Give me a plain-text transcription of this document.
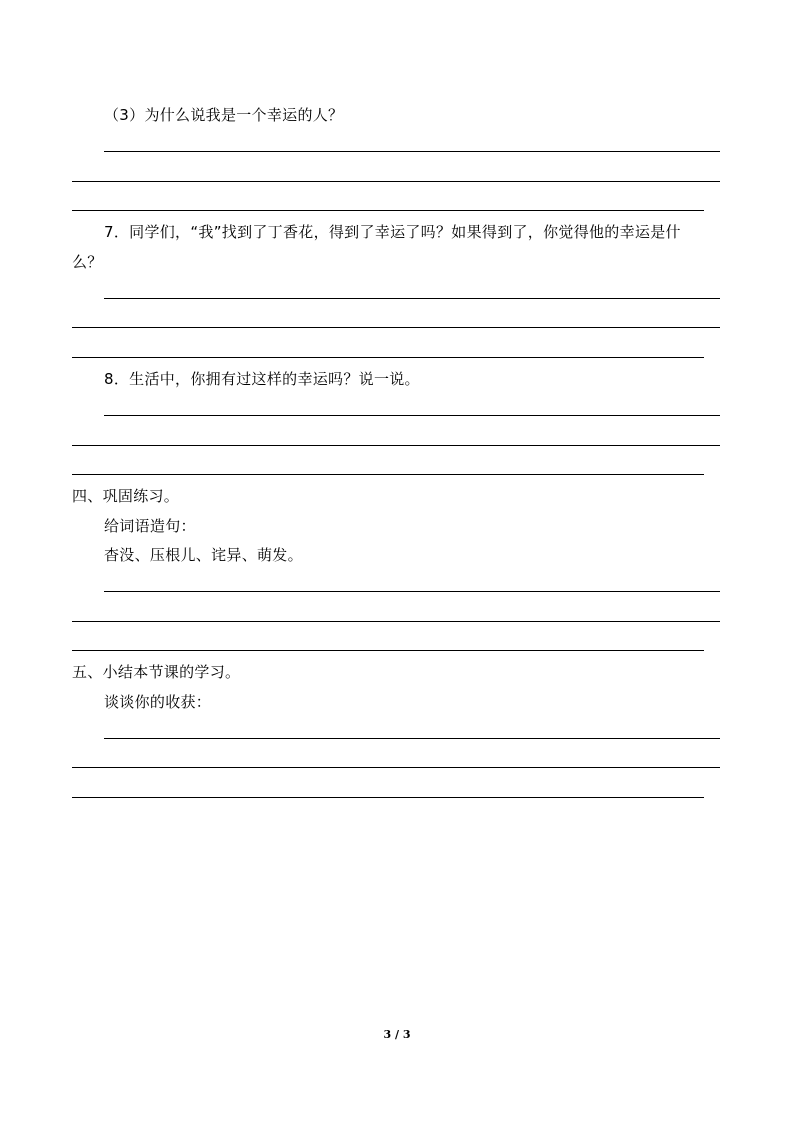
（3）为什么说我是一个幸运的人？
7．同学们，“我”找到了丁香花，得到了幸运了吗？如果得到了，你觉得他的幸运是什
么？
8．生活中，你拥有过这样的幸运吗？说一说。
四、巩固练习。
给词语造句：
杳没、压根儿、诧异、萌发。
五、小结本节课的学习。
谈谈你的收获：
3 / 3
